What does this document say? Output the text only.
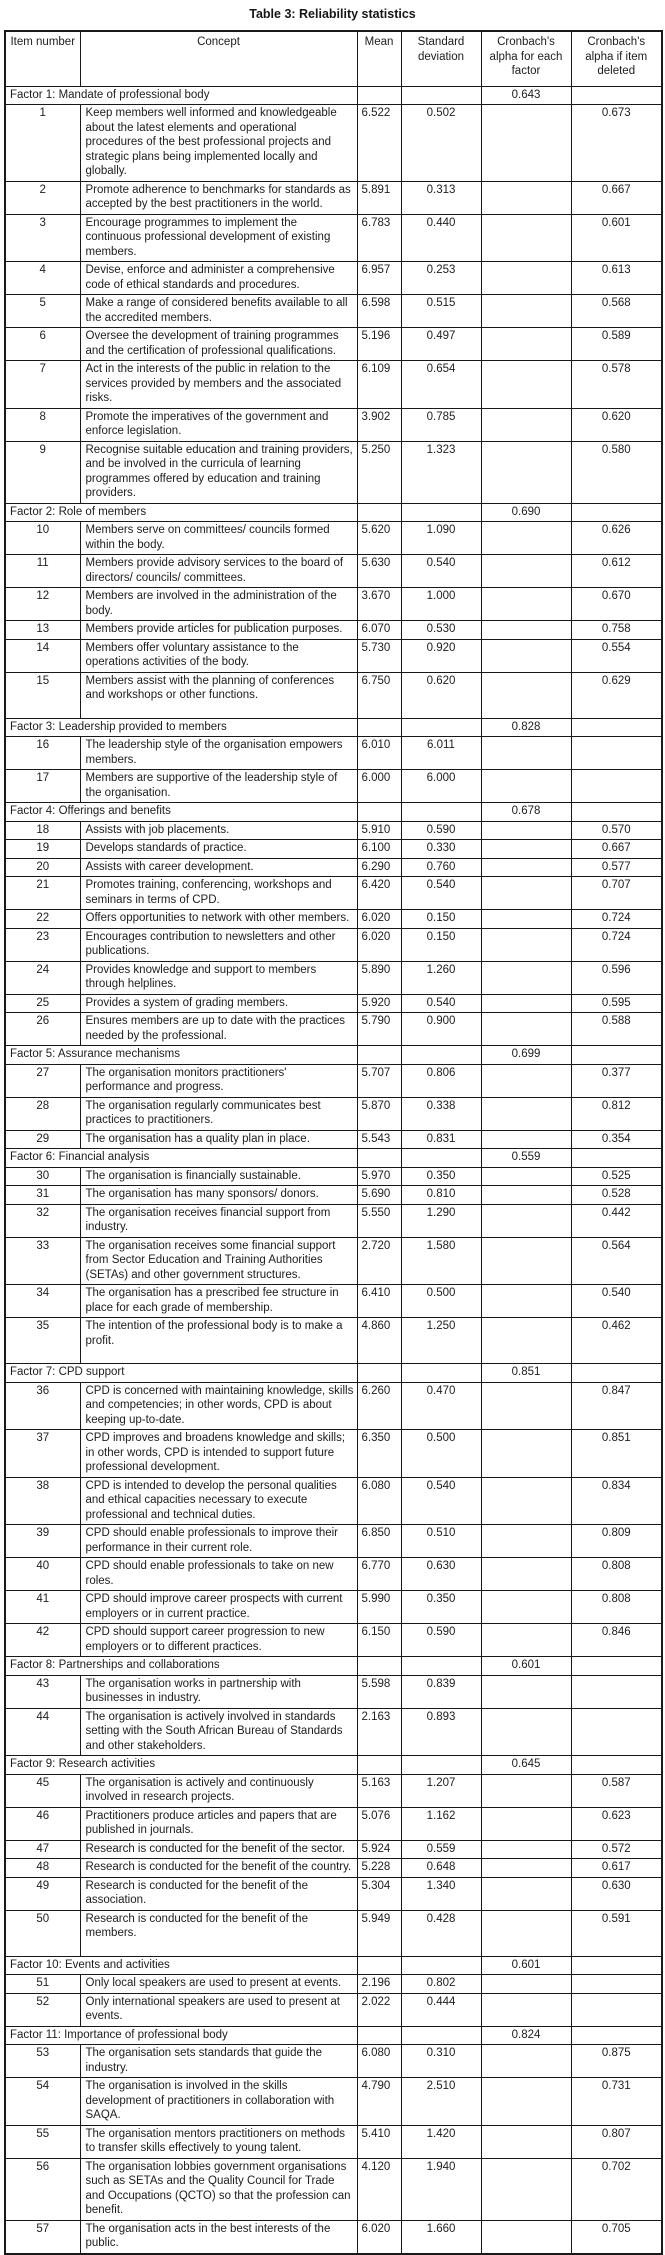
Table 3: Reliability statistics
Item number	Concept	Mean	Standard deviation	Cronbach's alpha for each factor	Cronbach's alpha if item deleted
Factor 1: Mandate of professional body				0.643	
1	Keep members well informed and knowledgeable about the latest elements and operational procedures of the best professional projects and strategic plans being implemented locally and globally.	6.522	0.502		0.673
2	Promote adherence to benchmarks for standards as accepted by the best practitioners in the world.	5.891	0.313		0.667
3	Encourage programmes to implement the continuous professional development of existing members.	6.783	0.440		0.601
4	Devise, enforce and administer a comprehensive code of ethical standards and procedures.	6.957	0.253		0.613
5	Make a range of considered benefits available to all the accredited members.	6.598	0.515		0.568
6	Oversee the development of training programmes and the certification of professional qualifications.	5.196	0.497		0.589
7	Act in the interests of the public in relation to the services provided by members and the associated risks.	6.109	0.654		0.578
8	Promote the imperatives of the government and enforce legislation.	3.902	0.785		0.620
9	Recognise suitable education and training providers, and be involved in the curricula of learning programmes offered by education and training providers.	5.250	1.323		0.580
Factor 2: Role of members				0.690	
10	Members serve on committees/ councils formed within the body.	5.620	1.090		0.626
11	Members provide advisory services to the board of directors/ councils/ committees.	5.630	0.540		0.612
12	Members are involved in the administration of the body.	3.670	1.000		0.670
13	Members provide articles for publication purposes.	6.070	0.530		0.758
14	Members offer voluntary assistance to the operations activities of the body.	5.730	0.920		0.554
15	Members assist with the planning of conferences and workshops or other functions.	6.750	0.620		0.629
Factor 3: Leadership provided to members				0.828	
16	The leadership style of the organisation empowers members.	6.010	6.011		
17	Members are supportive of the leadership style of the organisation.	6.000	6.000		
Factor 4: Offerings and benefits				0.678	
18	Assists with job placements.	5.910	0.590		0.570
19	Develops standards of practice.	6.100	0.330		0.667
20	Assists with career development.	6.290	0.760		0.577
21	Promotes training, conferencing, workshops and seminars in terms of CPD.	6.420	0.540		0.707
22	Offers opportunities to network with other members.	6.020	0.150		0.724
23	Encourages contribution to newsletters and other publications.	6.020	0.150		0.724
24	Provides knowledge and support to members through helplines.	5.890	1.260		0.596
25	Provides a system of grading members.	5.920	0.540		0.595
26	Ensures members are up to date with the practices needed by the professional.	5.790	0.900		0.588
Factor 5: Assurance mechanisms				0.699	
27	The organisation monitors practitioners' performance and progress.	5.707	0.806		0.377
28	The organisation regularly communicates best practices to practitioners.	5.870	0.338		0.812
29	The organisation has a quality plan in place.	5.543	0.831		0.354
Factor 6: Financial analysis				0.559	
30	The organisation is financially sustainable.	5.970	0.350		0.525
31	The organisation has many sponsors/ donors.	5.690	0.810		0.528
32	The organisation receives financial support from industry.	5.550	1.290		0.442
33	The organisation receives some financial support from Sector Education and Training Authorities (SETAs) and other government structures.	2.720	1.580		0.564
34	The organisation has a prescribed fee structure in place for each grade of membership.	6.410	0.500		0.540
35	The intention of the professional body is to make a profit.	4.860	1.250		0.462
Factor 7: CPD support				0.851	
36	CPD is concerned with maintaining knowledge, skills and competencies; in other words, CPD is about keeping up-to-date.	6.260	0.470		0.847
37	CPD improves and broadens knowledge and skills; in other words, CPD is intended to support future professional development.	6.350	0.500		0.851
38	CPD is intended to develop the personal qualities and ethical capacities necessary to execute professional and technical duties.	6.080	0.540		0.834
39	CPD should enable professionals to improve their performance in their current role.	6.850	0.510		0.809
40	CPD should enable professionals to take on new roles.	6.770	0.630		0.808
41	CPD should improve career prospects with current employers or in current practice.	5.990	0.350		0.808
42	CPD should support career progression to new employers or to different practices.	6.150	0.590		0.846
Factor 8: Partnerships and collaborations				0.601	
43	The organisation works in partnership with businesses in industry.	5.598	0.839		
44	The organisation is actively involved in standards setting with the South African Bureau of Standards and other stakeholders.	2.163	0.893		
Factor 9: Research activities				0.645	
45	The organisation is actively and continuously involved in research projects.	5.163	1.207		0.587
46	Practitioners produce articles and papers that are published in journals.	5.076	1.162		0.623
47	Research is conducted for the benefit of the sector.	5.924	0.559		0.572
48	Research is conducted for the benefit of the country.	5.228	0.648		0.617
49	Research is conducted for the benefit of the association.	5.304	1.340		0.630
50	Research is conducted for the benefit of the members.	5.949	0.428		0.591
Factor 10: Events and activities				0.601	
51	Only local speakers are used to present at events.	2.196	0.802		
52	Only international speakers are used to present at events.	2.022	0.444		
Factor 11: Importance of professional body				0.824	
53	The organisation sets standards that guide the industry.	6.080	0.310		0.875
54	The organisation is involved in the skills development of practitioners in collaboration with SAQA.	4.790	2.510		0.731
55	The organisation mentors practitioners on methods to transfer skills effectively to young talent.	5.410	1.420		0.807
56	The organisation lobbies government organisations such as SETAs and the Quality Council for Trade and Occupations (QCTO) so that the profession can benefit.	4.120	1.940		0.702
57	The organisation acts in the best interests of the public.	6.020	1.660		0.705
